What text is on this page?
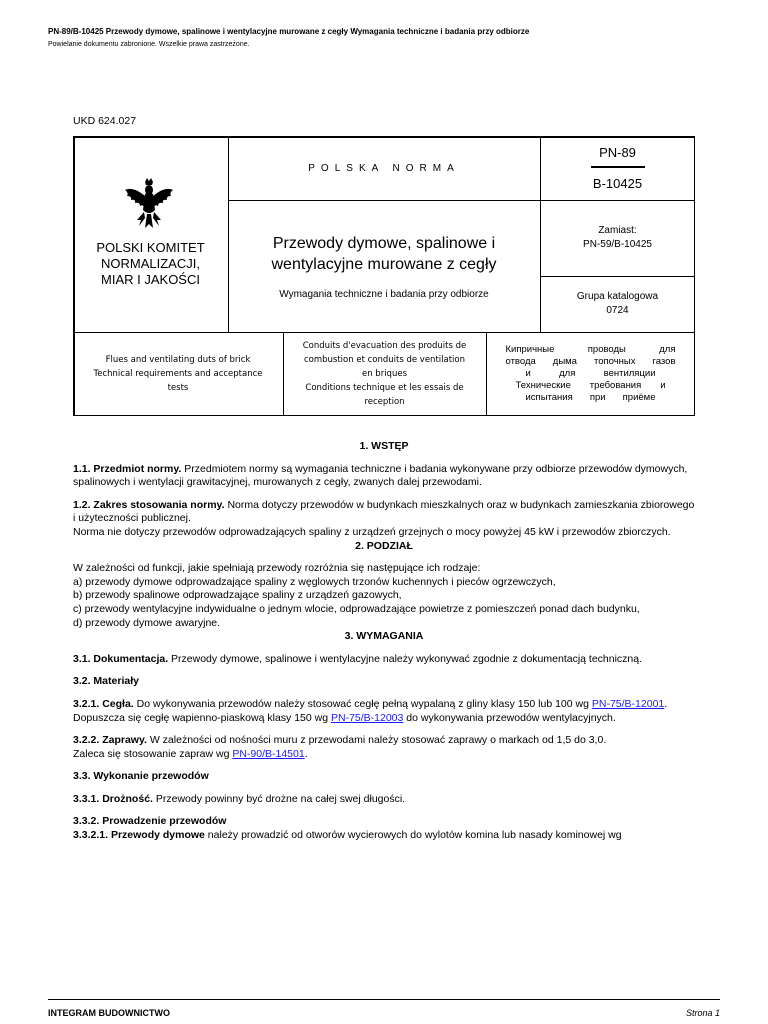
PN-89/B-10425 Przewody dymowe, spalinowe i wentylacyjne murowane z cegły Wymagania techniczne i badania przy odbiorze
Powielanie dokumentu zabronione. Wszelkie prawa zastrzeżone.
UKD 624.027
POLSKI KOMITET
NORMALIZACJI,
MIAR I JAKOŚCI
POLSKA NORMA
PN-89
B-10425
Przewody dymowe, spalinowe i
wentylacyjne murowane z cegły
Wymagania techniczne i badania przy odbiorze
Zamiast:
PN-59/B-10425
Grupa katalogowa
0724
Flues and ventilating duts of brick
Technical requirements and acceptance
tests
Conduits d'evacuation des produits de
combustion et conduits de ventilation
en briques
Conditions technique et les essais de
reception
Кипричные проводы для
отвода дыма топочных газов
и для вентиляции
Технические требования и
испытания при приёме

1. WSTĘP

1.1. Przedmiot normy. Przedmiotem normy są wymagania techniczne i badania wykonywane przy odbiorze przewodów dymowych, spalinowych i wentylacji grawitacyjnej, murowanych z cegły, zwanych dalej przewodami.

1.2. Zakres stosowania normy. Norma dotyczy przewodów w budynkach mieszkalnych oraz w budynkach zamieszkania zbiorowego i użyteczności publicznej.

Norma nie dotyczy przewodów odprowadzających spaliny z urządzeń grzejnych o mocy powyżej 45 kW i przewodów zbiorczych.

2. PODZIAŁ

W zależności od funkcji, jakie spełniają przewody rozróżnia się następujące ich rodzaje:

a) przewody dymowe odprowadzające spaliny z węglowych trzonów kuchennych i pieców ogrzewczych,

b) przewody spalinowe odprowadzające spaliny z urządzeń gazowych,

c) przewody wentylacyjne indywidualne o jednym wlocie, odprowadzające powietrze z pomieszczeń ponad dach budynku,

d) przewody dymowe awaryjne.

3. WYMAGANIA

3.1. Dokumentacja. Przewody dymowe, spalinowe i wentylacyjne należy wykonywać zgodnie z dokumentacją techniczną.

3.2. Materiały

3.2.1. Cegła. Do wykonywania przewodów należy stosować cegłę pełną wypalaną z gliny klasy 150 lub 100 wg PN-75/B-12001.

Dopuszcza się cegłę wapienno-piaskową klasy 150 wg PN-75/B-12003 do wykonywania przewodów wentylacyjnych.

3.2.2. Zaprawy. W zależności od nośności muru z przewodami należy stosować zaprawy o markach od 1,5 do 3,0.

Zaleca się stosowanie zapraw wg PN-90/B-14501.

3.3. Wykonanie przewodów

3.3.1. Drożność. Przewody powinny być drożne na całej swej długości.

3.3.2. Prowadzenie przewodów

3.3.2.1. Przewody dymowe należy prowadzić od otworów wycierowych do wylotów komina lub nasady kominowej wg

INTEGRAM BUDOWNICTWO	Strona 1
